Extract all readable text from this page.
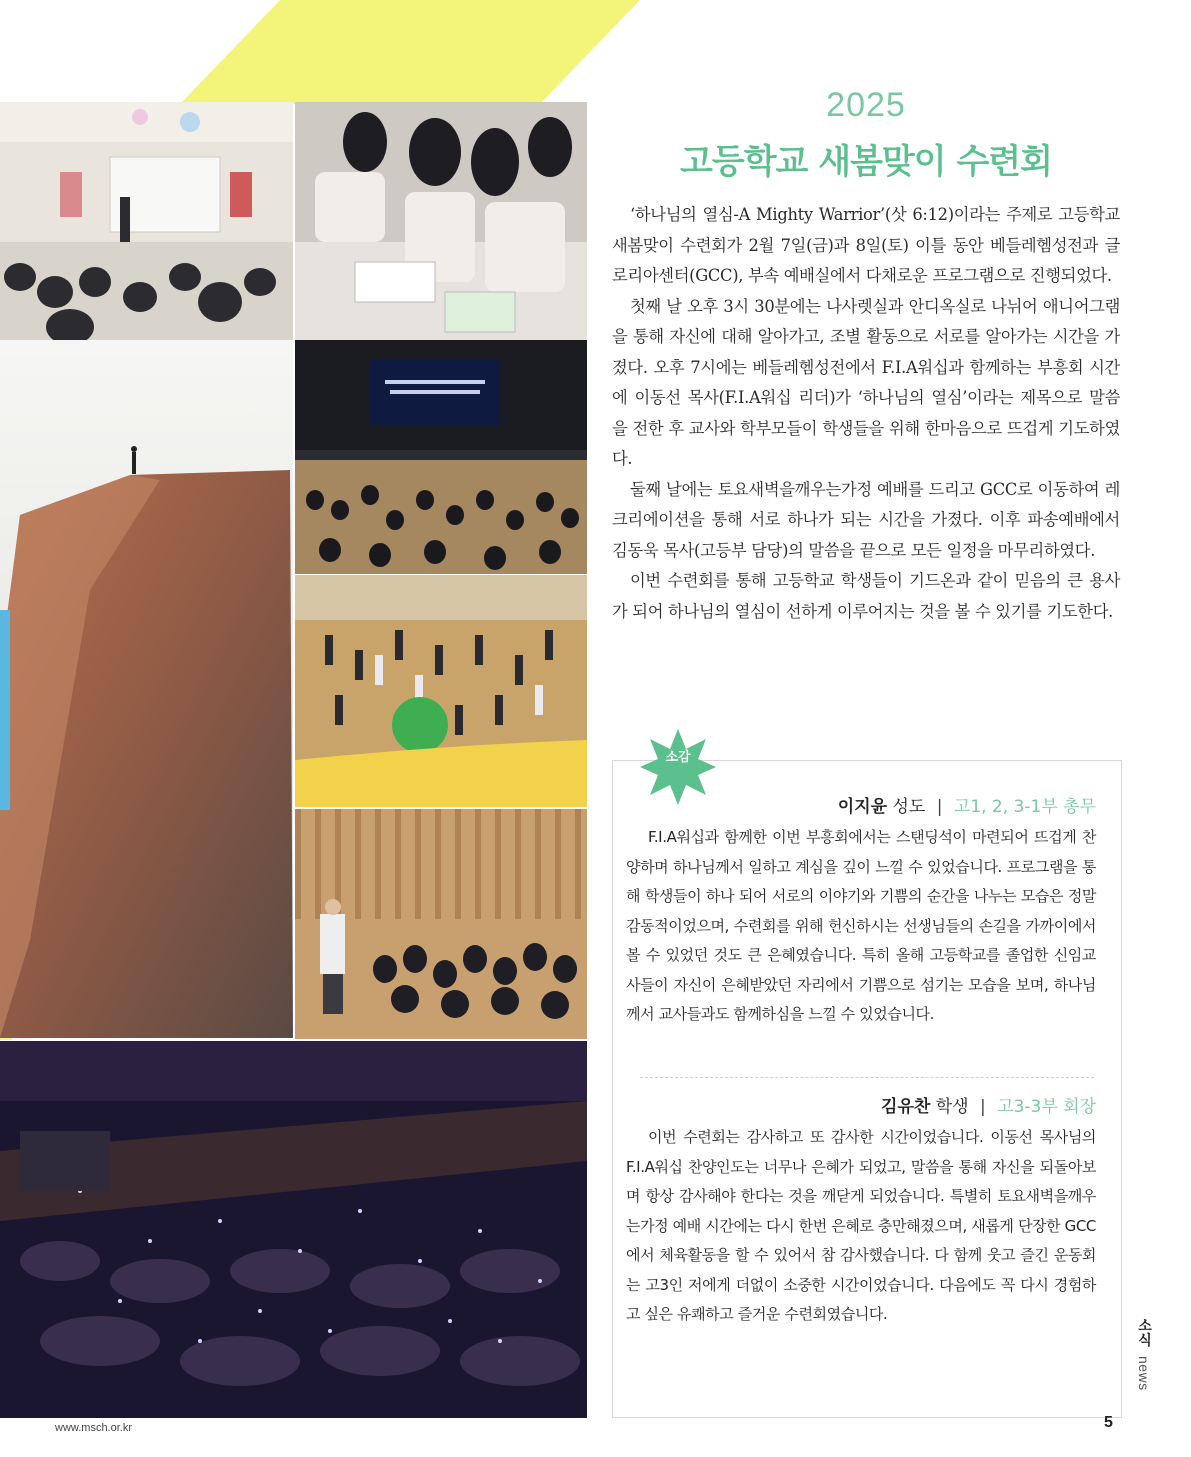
2025
고등학교 새봄맞이 수련회

‘하나님의 열심-A Mighty Warrior’(삿 6:12)이라는 주제로 고등학교 새봄맞이 수련회가 2월 7일(금)과 8일(토) 이틀 동안 베들레헴성전과 글로리아센터(GCC), 부속 예배실에서 다채로운 프로그램으로 진행되었다.

첫째 날 오후 3시 30분에는 나사렛실과 안디옥실로 나뉘어 애니어그램을 통해 자신에 대해 알아가고, 조별 활동으로 서로를 알아가는 시간을 가졌다. 오후 7시에는 베들레헴성전에서 F.I.A워십과 함께하는 부흥회 시간에 이동선 목사(F.I.A워십 리더)가 ‘하나님의 열심’이라는 제목으로 말씀을 전한 후 교사와 학부모들이 학생들을 위해 한마음으로 뜨겁게 기도하였다.

둘째 날에는 토요새벽을깨우는가정 예배를 드리고 GCC로 이동하여 레크리에이션을 통해 서로 하나가 되는 시간을 가졌다. 이후 파송예배에서 김동욱 목사(고등부 담당)의 말씀을 끝으로 모든 일정을 마무리하였다.

이번 수련회를 통해 고등학교 학생들이 기드온과 같이 믿음의 큰 용사가 되어 하나님의 열심이 선하게 이루어지는 것을 볼 수 있기를 기도한다.

소감
이지윤 성도 | 고1, 2, 3-1부 총무

F.I.A워십과 함께한 이번 부흥회에서는 스탠딩석이 마련되어 뜨겁게 찬양하며 하나님께서 일하고 계심을 깊이 느낄 수 있었습니다. 프로그램을 통해 학생들이 하나 되어 서로의 이야기와 기쁨의 순간을 나누는 모습은 정말 감동적이었으며, 수련회를 위해 헌신하시는 선생님들의 손길을 가까이에서 볼 수 있었던 것도 큰 은혜였습니다. 특히 올해 고등학교를 졸업한 신임교사들이 자신이 은혜받았던 자리에서 기쁨으로 섬기는 모습을 보며, 하나님께서 교사들과도 함께하심을 느낄 수 있었습니다.

김유찬 학생 | 고3-3부 회장

이번 수련회는 감사하고 또 감사한 시간이었습니다. 이동선 목사님의 F.I.A워십 찬양인도는 너무나 은혜가 되었고, 말씀을 통해 자신을 되돌아보며 항상 감사해야 한다는 것을 깨닫게 되었습니다. 특별히 토요새벽을깨우는가정 예배 시간에는 다시 한번 은혜로 충만해졌으며, 새롭게 단장한 GCC에서 체육활동을 할 수 있어서 참 감사했습니다. 다 함께 웃고 즐긴 운동회는 고3인 저에게 더없이 소중한 시간이었습니다. 다음에도 꼭 다시 경험하고 싶은 유쾌하고 즐거운 수련회였습니다.

소식 news
www.msch.or.kr	5
